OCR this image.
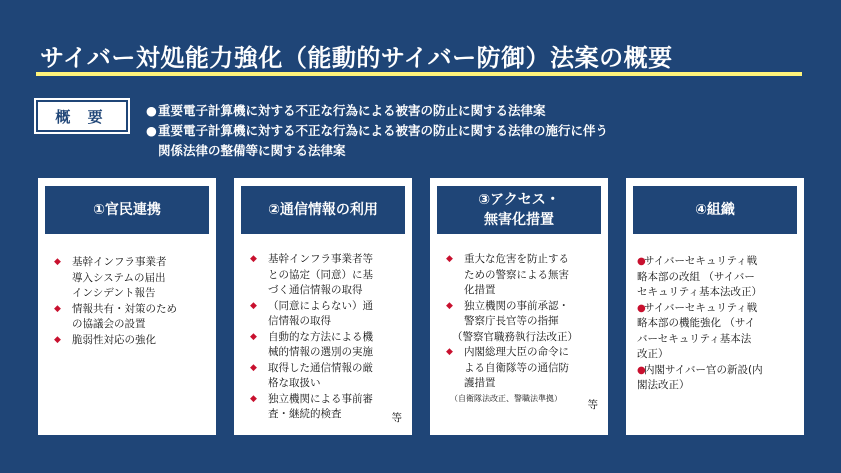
サイバー対処能力強化（能動的サイバー防御）法案の概要
概 要	● 重要電子計算機に対する不正な行為による被害の防止に関する法律案
● 重要電子計算機に対する不正な行為による被害の防止に関する法律の施行に伴う
関係法律の整備等に関する法律案
①官民連携
◆	基幹インフラ事業者
導入システムの届出
インシデント報告
◆	情報共有・対策のため
の協議会の設置
◆	脆弱性対応の強化
②通信情報の利用
◆	基幹インフラ事業者等
との協定（同意）に基
づく通信情報の取得
◆	（同意によらない）通
信情報の取得
◆	自動的な方法による機
械的情報の選別の実施
◆	取得した通信情報の厳
格な取扱い
◆	独立機関による事前審
査・継続的検査	等
③アクセス・
無害化措置
◆	重大な危害を防止する
ための警察による無害
化措置
◆	独立機関の事前承認・
警察庁長官等の指揮
（警察官職務執行法改正）
◆	内閣総理大臣の命令に
よる自衛隊等の通信防
護措置
（自衛隊法改正、警職法準拠）
等
④組織
●
サイバーセキュリティ戦
略本部の改組 （サイバー
セキュリティ基本法改正）
●
サイバーセキュリティ戦
略本部の機能強化 （サイ
バーセキュリティ基本法
改正）
●
内閣サイバー官の新設(内
閣法改正）
